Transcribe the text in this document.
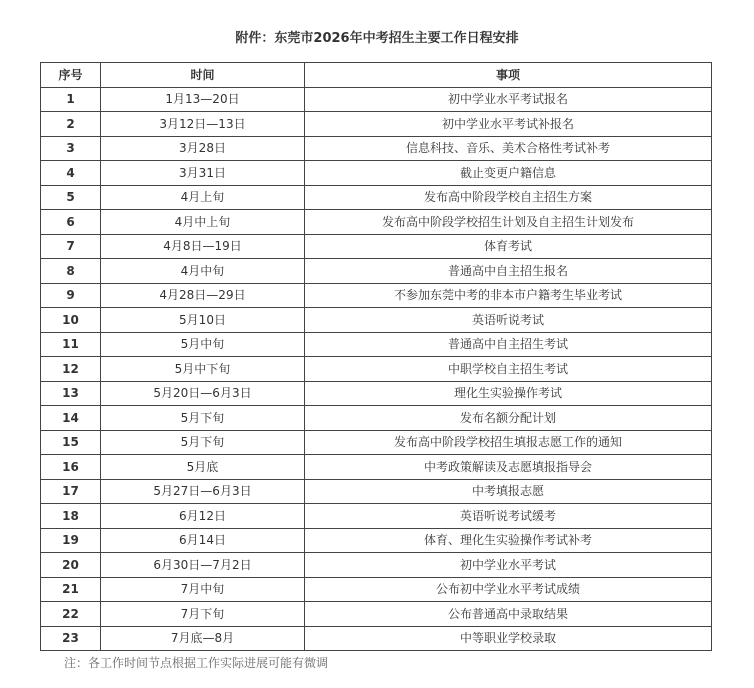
附件：东莞市2026年中考招生主要工作日程安排
序号	时间	事项
1	1月13—20日	初中学业水平考试报名
2	3月12日—13日	初中学业水平考试补报名
3	3月28日	信息科技、音乐、美术合格性考试补考
4	3月31日	截止变更户籍信息
5	4月上旬	发布高中阶段学校自主招生方案
6	4月中上旬	发布高中阶段学校招生计划及自主招生计划发布
7	4月8日—19日	体育考试
8	4月中旬	普通高中自主招生报名
9	4月28日—29日	不参加东莞中考的非本市户籍考生毕业考试
10	5月10日	英语听说考试
11	5月中旬	普通高中自主招生考试
12	5月中下旬	中职学校自主招生考试
13	5月20日—6月3日	理化生实验操作考试
14	5月下旬	发布名额分配计划
15	5月下旬	发布高中阶段学校招生填报志愿工作的通知
16	5月底	中考政策解读及志愿填报指导会
17	5月27日—6月3日	中考填报志愿
18	6月12日	英语听说考试缓考
19	6月14日	体育、理化生实验操作考试补考
20	6月30日—7月2日	初中学业水平考试
21	7月中旬	公布初中学业水平考试成绩
22	7月下旬	公布普通高中录取结果
23	7月底—8月	中等职业学校录取
注：各工作时间节点根据工作实际进展可能有微调
